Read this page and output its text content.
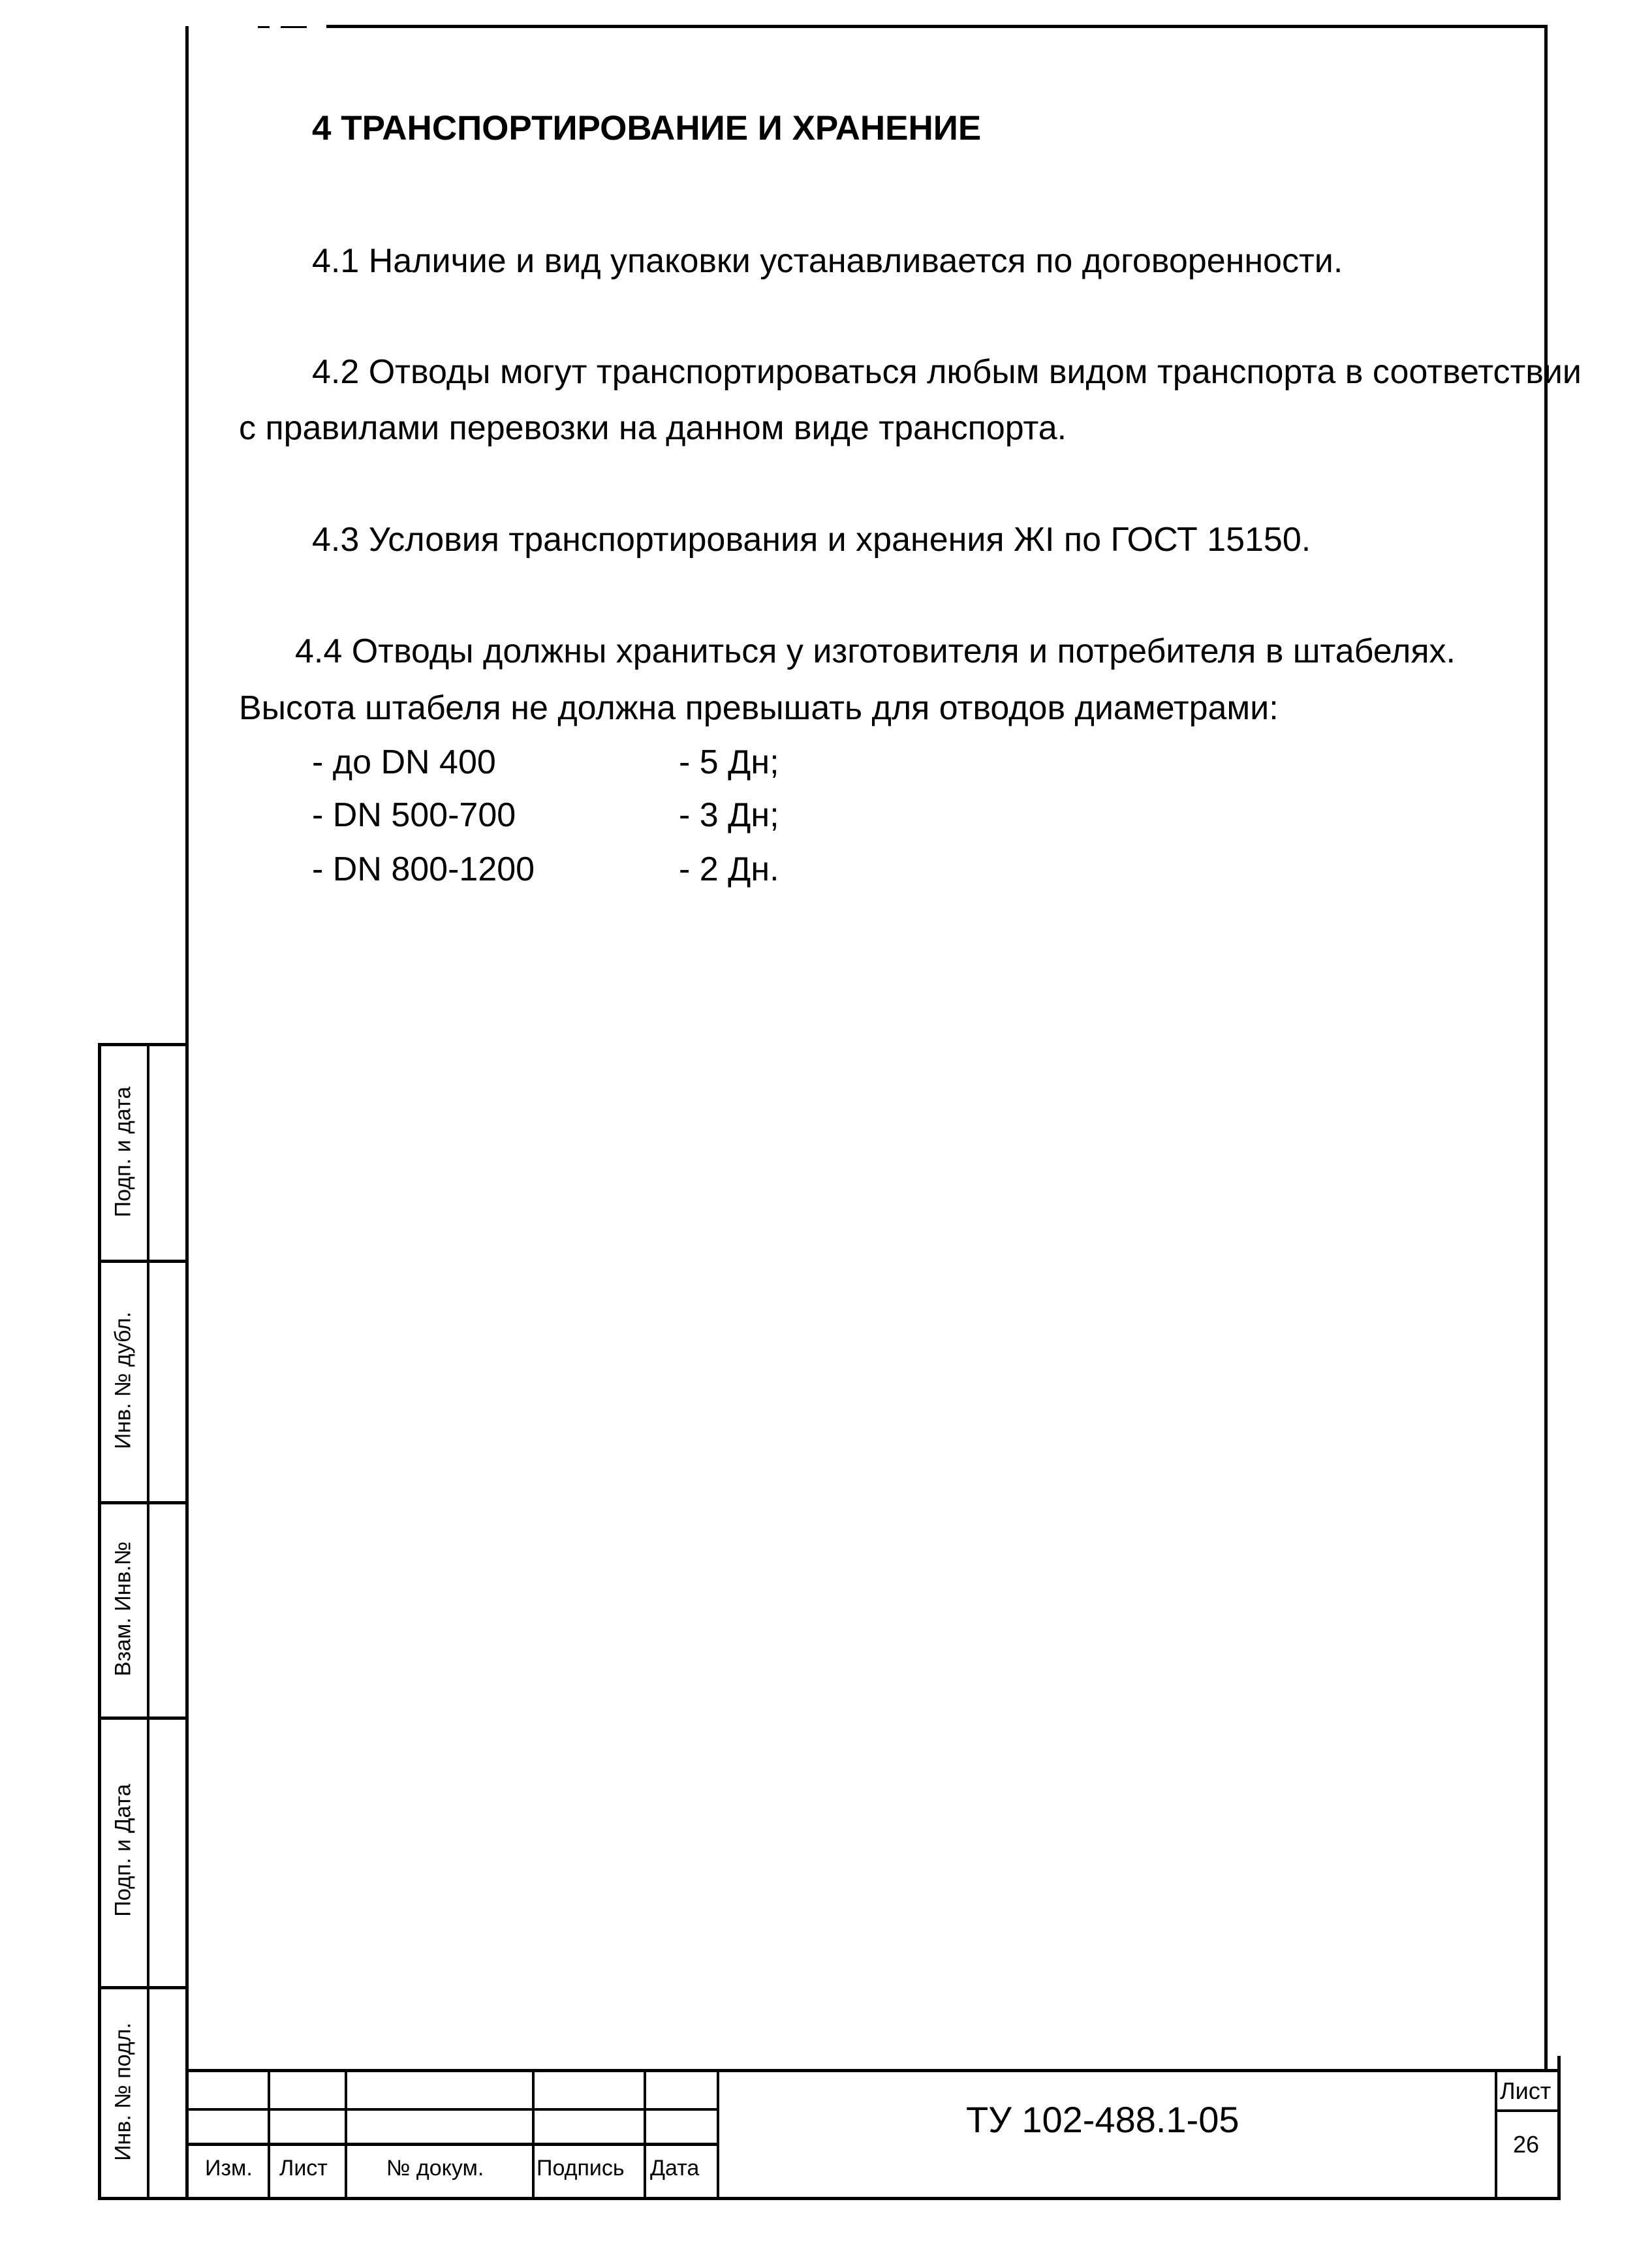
4 ТРАНСПОРТИРОВАНИЕ И ХРАНЕНИЕ
4.1 Наличие и вид упаковки устанавливается по договоренности.
4.2 Отводы могут транспортироваться любым видом транспорта в соответствии
с правилами перевозки на данном виде транспорта.
4.3 Условия транспортирования и хранения ЖI по ГОСТ 15150.
4.4 Отводы должны храниться у изготовителя и потребителя в штабелях.
Высота штабеля не должна превышать для отводов диаметрами:
- до DN 400	- 5 Дн;
- DN 500-700	- 3 Дн;
- DN 800-1200	- 2 Дн.
Подп. и дата
Инв. № дубл.
Взам. Инв.№
Подп. и Дата
Инв. № подл.
Изм. Лист	№ докум. Подпись Дата
ТУ 102-488.1-05
Лист
26
